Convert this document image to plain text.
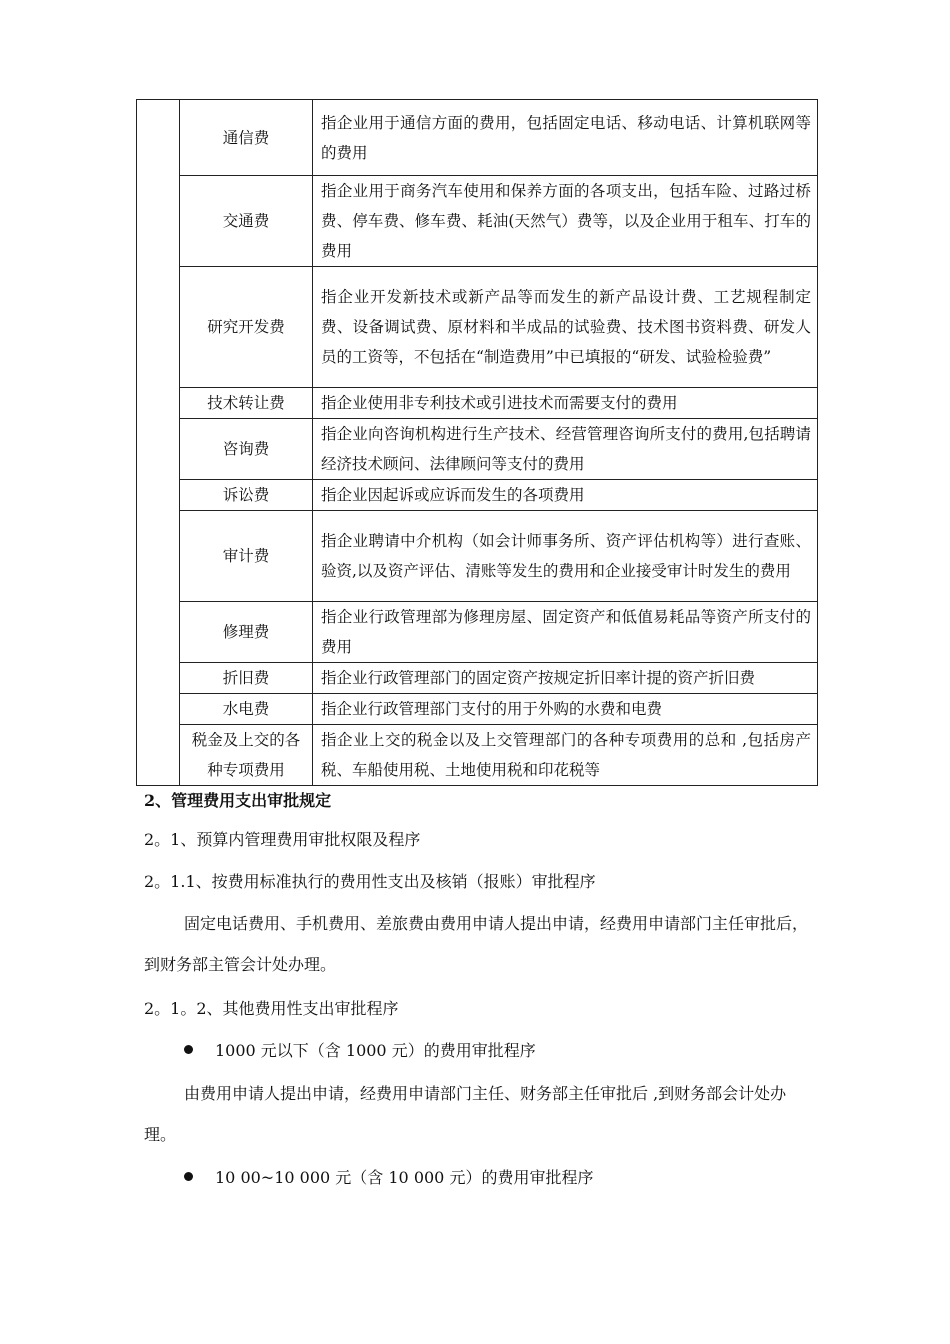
	通信费	指企业用于通信方面的费用，包括固定电话、移动电话、计算机联网等的费用
	交通费	指企业用于商务汽车使用和保养方面的各项支出，包括车险、过路过桥费、停车费、修车费、耗油(天然气）费等，以及企业用于租车、打车的费用
	研究开发费	指企业开发新技术或新产品等而发生的新产品设计费、工艺规程制定费、设备调试费、原材料和半成品的试验费、技术图书资料费、研发人员的工资等，不包括在“制造费用”中已填报的“研发、试验检验费”
	技术转让费	指企业使用非专利技术或引进技术而需要支付的费用
	咨询费	指企业向咨询机构进行生产技术、经营管理咨询所支付的费用,包括聘请经济技术顾问、法律顾问等支付的费用
	诉讼费	指企业因起诉或应诉而发生的各项费用
	审计费	指企业聘请中介机构（如会计师事务所、资产评估机构等）进行查账、验资,以及资产评估、清账等发生的费用和企业接受审计时发生的费用
	修理费	指企业行政管理部为修理房屋、固定资产和低值易耗品等资产所支付的费用
	折旧费	指企业行政管理部门的固定资产按规定折旧率计提的资产折旧费
	水电费	指企业行政管理部门支付的用于外购的水费和电费
	税金及上交的各种专项费用	指企业上交的税金以及上交管理部门的各种专项费用的总和 ,包括房产税、车船使用税、土地使用税和印花税等
2、管理费用支出审批规定
2。1、预算内管理费用审批权限及程序
2。1.1、按费用标准执行的费用性支出及核销（报账）审批程序
固定电话费用、手机费用、差旅费由费用申请人提出申请，经费用申请部门主任审批后，到财务部主管会计处办理。
2。1。2、其他费用性支出审批程序
1000 元以下（含 1000 元）的费用审批程序
由费用申请人提出申请，经费用申请部门主任、财务部主任审批后 ,到财务部会计处办理。
10 00~10 000 元（含 10 000 元）的费用审批程序
